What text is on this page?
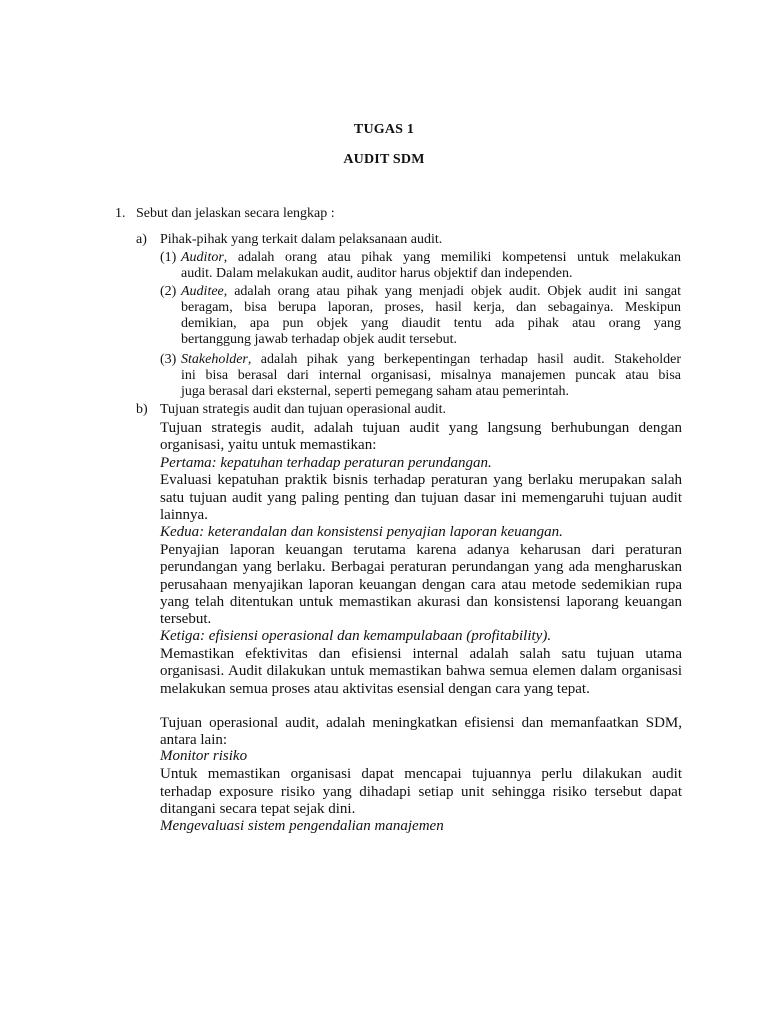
TUGAS 1
AUDIT SDM
1. Sebut dan jelaskan secara lengkap :
a) Pihak-pihak yang terkait dalam pelaksanaan audit.
(1) Auditor, adalah orang atau pihak yang memiliki kompetensi untuk melakukan
audit. Dalam melakukan audit, auditor harus objektif dan independen.
(2) Auditee, adalah orang atau pihak yang menjadi objek audit. Objek audit ini sangat
beragam, bisa berupa laporan, proses, hasil kerja, dan sebagainya. Meskipun
demikian, apa pun objek yang diaudit tentu ada pihak atau orang yang
bertanggung jawab terhadap objek audit tersebut.
(3) Stakeholder, adalah pihak yang berkepentingan terhadap hasil audit. Stakeholder
ini bisa berasal dari internal organisasi, misalnya manajemen puncak atau bisa
juga berasal dari eksternal, seperti pemegang saham atau pemerintah.
b) Tujuan strategis audit dan tujuan operasional audit.
Tujuan strategis audit, adalah tujuan audit yang langsung berhubungan dengan
organisasi, yaitu untuk memastikan:
Pertama: kepatuhan terhadap peraturan perundangan.
Evaluasi kepatuhan praktik bisnis terhadap peraturan yang berlaku merupakan salah
satu tujuan audit yang paling penting dan tujuan dasar ini memengaruhi tujuan audit
lainnya.
Kedua: keterandalan dan konsistensi penyajian laporan keuangan.
Penyajian laporan keuangan terutama karena adanya keharusan dari peraturan
perundangan yang berlaku. Berbagai peraturan perundangan yang ada mengharuskan
perusahaan menyajikan laporan keuangan dengan cara atau metode sedemikian rupa
yang telah ditentukan untuk memastikan akurasi dan konsistensi laporang keuangan
tersebut.
Ketiga: efisiensi operasional dan kemampulabaan (profitability).
Memastikan efektivitas dan efisiensi internal adalah salah satu tujuan utama
organisasi. Audit dilakukan untuk memastikan bahwa semua elemen dalam organisasi
melakukan semua proses atau aktivitas esensial dengan cara yang tepat.
Tujuan operasional audit, adalah meningkatkan efisiensi dan memanfaatkan SDM,
antara lain:
Monitor risiko
Untuk memastikan organisasi dapat mencapai tujuannya perlu dilakukan audit
terhadap exposure risiko yang dihadapi setiap unit sehingga risiko tersebut dapat
ditangani secara tepat sejak dini.
Mengevaluasi sistem pengendalian manajemen
